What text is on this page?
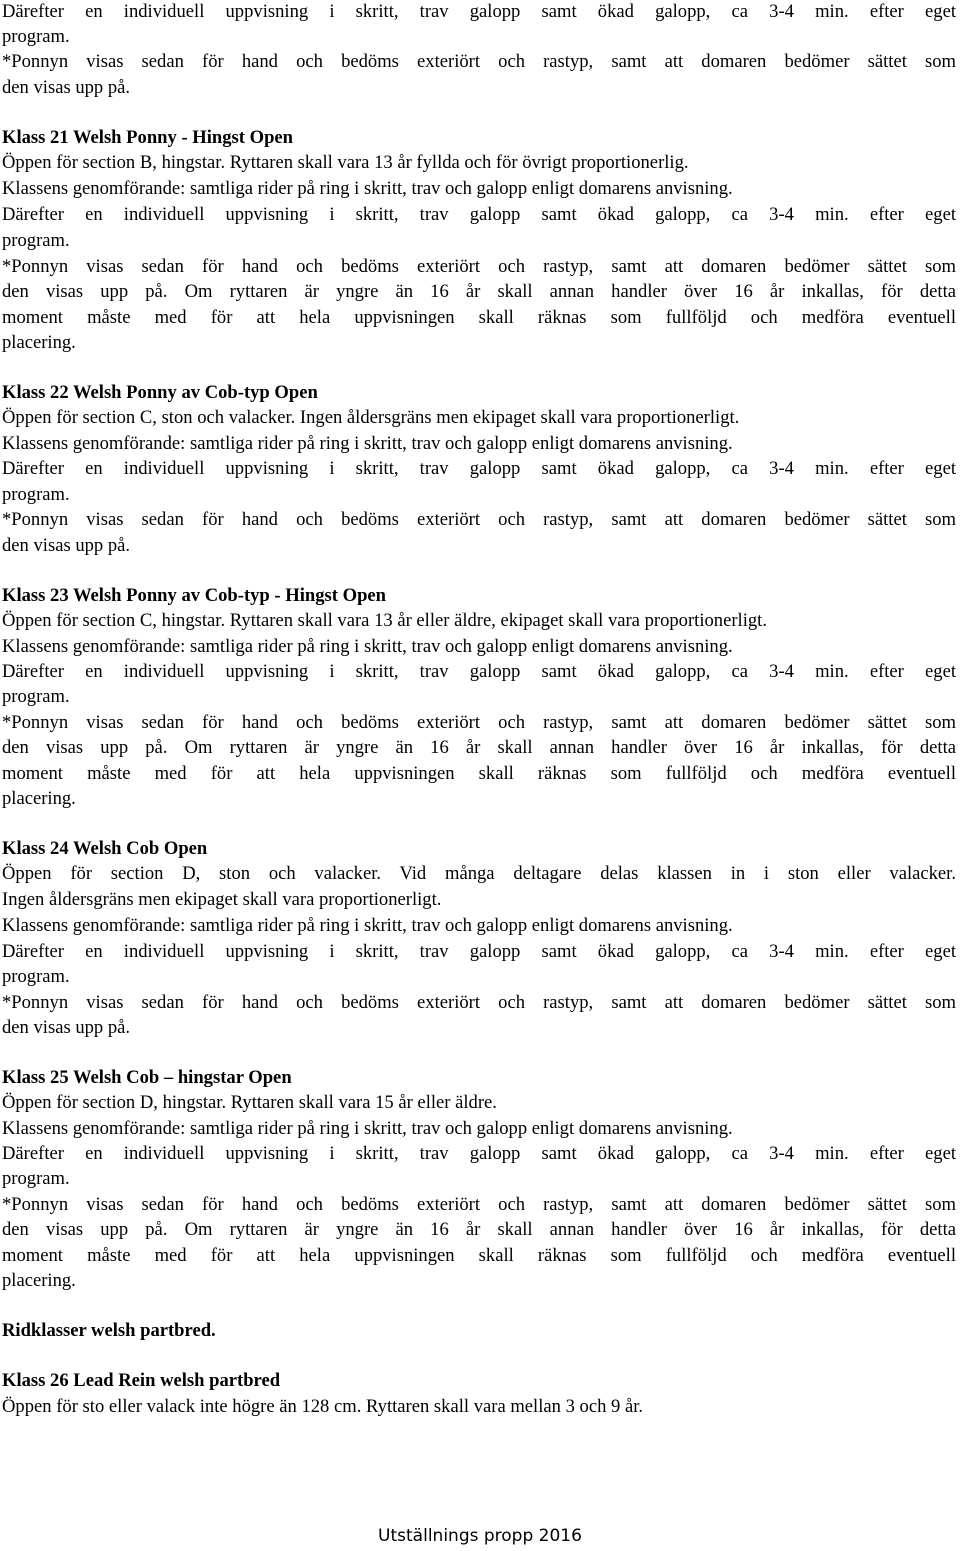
Därefter en individuell uppvisning i skritt, trav galopp samt ökad galopp, ca 3-4 min. efter eget
program.
*Ponnyn visas sedan för hand och bedöms exteriört och rastyp, samt att domaren bedömer sättet som
den visas upp på.
Klass 21 Welsh Ponny - Hingst Open
Öppen för section B, hingstar. Ryttaren skall vara 13 år fyllda och för övrigt proportionerlig.
Klassens genomförande: samtliga rider på ring i skritt, trav och galopp enligt domarens anvisning.
Därefter en individuell uppvisning i skritt, trav galopp samt ökad galopp, ca 3-4 min. efter eget
program.
*Ponnyn visas sedan för hand och bedöms exteriört och rastyp, samt att domaren bedömer sättet som
den visas upp på. Om ryttaren är yngre än 16 år skall annan handler över 16 år inkallas, för detta
moment måste med för att hela uppvisningen skall räknas som fullföljd och medföra eventuell
placering.
Klass 22 Welsh Ponny av Cob-typ Open
Öppen för section C, ston och valacker. Ingen åldersgräns men ekipaget skall vara proportionerligt.
Klassens genomförande: samtliga rider på ring i skritt, trav och galopp enligt domarens anvisning.
Därefter en individuell uppvisning i skritt, trav galopp samt ökad galopp, ca 3-4 min. efter eget
program.
*Ponnyn visas sedan för hand och bedöms exteriört och rastyp, samt att domaren bedömer sättet som
den visas upp på.
Klass 23 Welsh Ponny av Cob-typ - Hingst Open
Öppen för section C, hingstar. Ryttaren skall vara 13 år eller äldre, ekipaget skall vara proportionerligt.
Klassens genomförande: samtliga rider på ring i skritt, trav och galopp enligt domarens anvisning.
Därefter en individuell uppvisning i skritt, trav galopp samt ökad galopp, ca 3-4 min. efter eget
program.
*Ponnyn visas sedan för hand och bedöms exteriört och rastyp, samt att domaren bedömer sättet som
den visas upp på. Om ryttaren är yngre än 16 år skall annan handler över 16 år inkallas, för detta
moment måste med för att hela uppvisningen skall räknas som fullföljd och medföra eventuell
placering.
Klass 24 Welsh Cob Open
Öppen för section D, ston och valacker. Vid många deltagare delas klassen in i ston eller valacker.
Ingen åldersgräns men ekipaget skall vara proportionerligt.
Klassens genomförande: samtliga rider på ring i skritt, trav och galopp enligt domarens anvisning.
Därefter en individuell uppvisning i skritt, trav galopp samt ökad galopp, ca 3-4 min. efter eget
program.
*Ponnyn visas sedan för hand och bedöms exteriört och rastyp, samt att domaren bedömer sättet som
den visas upp på.
Klass 25 Welsh Cob – hingstar Open
Öppen för section D, hingstar. Ryttaren skall vara 15 år eller äldre.
Klassens genomförande: samtliga rider på ring i skritt, trav och galopp enligt domarens anvisning.
Därefter en individuell uppvisning i skritt, trav galopp samt ökad galopp, ca 3-4 min. efter eget
program.
*Ponnyn visas sedan för hand och bedöms exteriört och rastyp, samt att domaren bedömer sättet som
den visas upp på. Om ryttaren är yngre än 16 år skall annan handler över 16 år inkallas, för detta
moment måste med för att hela uppvisningen skall räknas som fullföljd och medföra eventuell
placering.
Ridklasser welsh partbred.
Klass 26 Lead Rein welsh partbred
Öppen för sto eller valack inte högre än 128 cm. Ryttaren skall vara mellan 3 och 9 år.
Utställnings propp 2016
